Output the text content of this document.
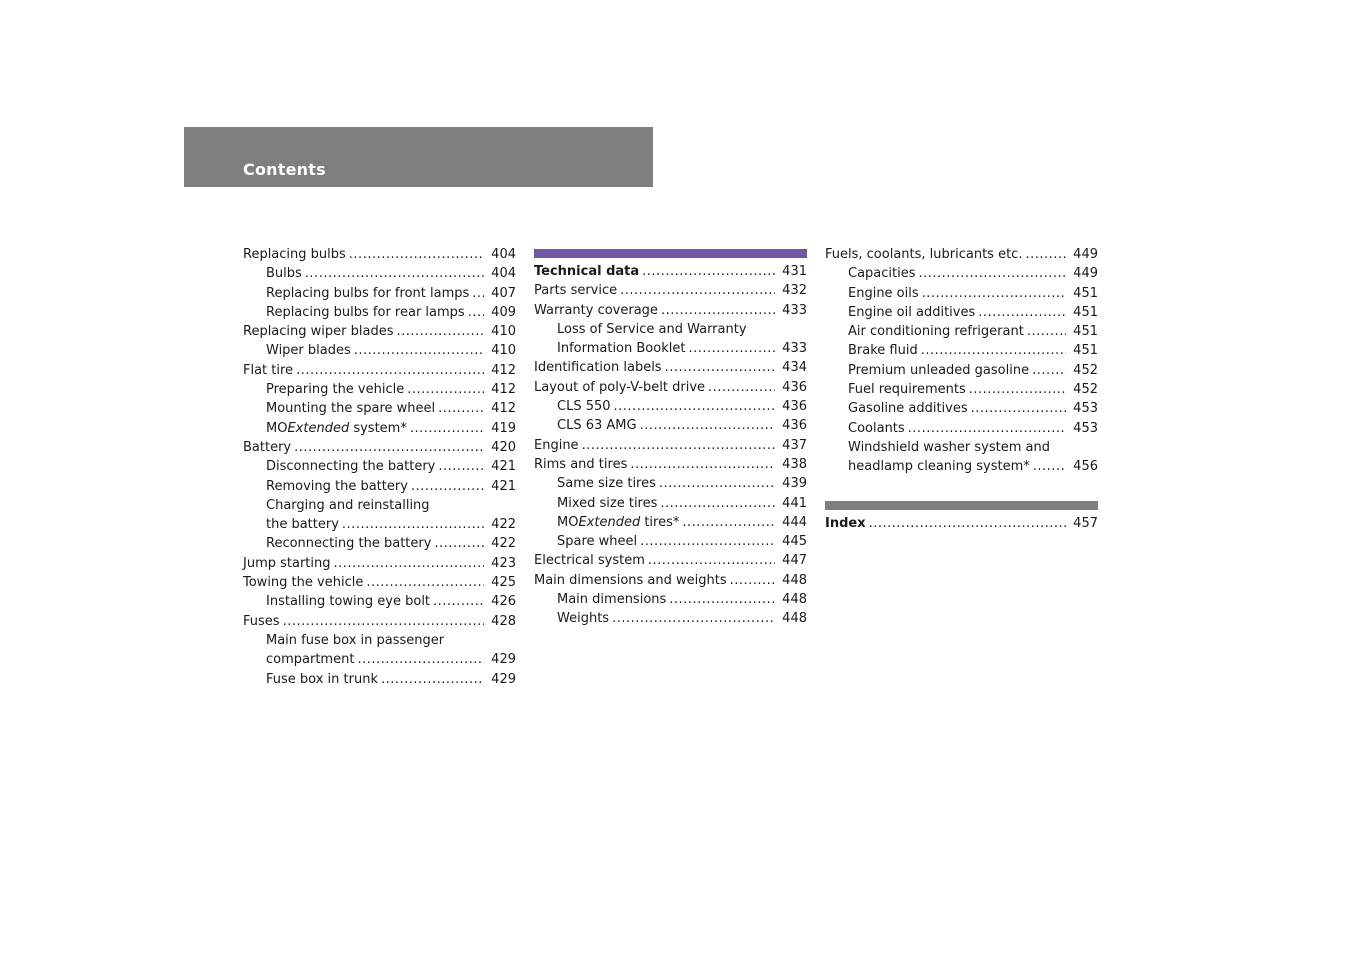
Contents
Replacing bulbs .....	404
Bulbs .....	404
Replacing bulbs for front lamps .....	407
Replacing bulbs for rear lamps .....	409
Replacing wiper blades .....	410
Wiper blades .....	410
Flat tire .....	412
Preparing the vehicle .....	412
Mounting the spare wheel .....	412
MOExtended system* .....	419
Battery .....	420
Disconnecting the battery .....	421
Removing the battery .....	421
Charging and reinstalling
the battery .....	422
Reconnecting the battery .....	422
Jump starting .....	423
Towing the vehicle .....	425
Installing towing eye bolt .....	426
Fuses .....	428
Main fuse box in passenger
compartment .....	429
Fuse box in trunk .....	429
Technical data .....	431
Parts service .....	432
Warranty coverage .....	433
Loss of Service and Warranty
Information Booklet .....	433
Identification labels .....	434
Layout of poly-V-belt drive .....	436
CLS 550 .....	436
CLS 63 AMG .....	436
Engine .....	437
Rims and tires .....	438
Same size tires .....	439
Mixed size tires .....	441
MOExtended tires* .....	444
Spare wheel .....	445
Electrical system .....	447
Main dimensions and weights .....	448
Main dimensions .....	448
Weights .....	448
Fuels, coolants, lubricants etc. .....	449
Capacities .....	449
Engine oils .....	451
Engine oil additives .....	451
Air conditioning refrigerant .....	451
Brake fluid .....	451
Premium unleaded gasoline .....	452
Fuel requirements .....	452
Gasoline additives .....	453
Coolants .....	453
Windshield washer system and
headlamp cleaning system* .....	456
Index .....	457
